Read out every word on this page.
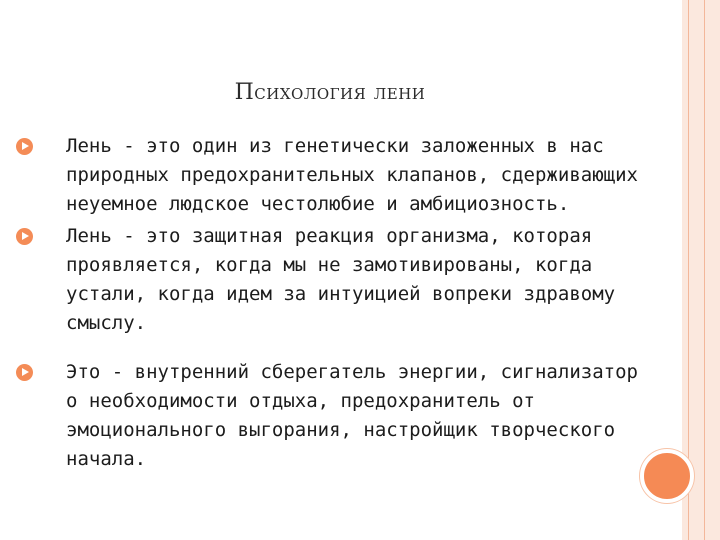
Психология лени
Лень - это один из генетически заложенных в нас природных предохранительных клапанов, сдерживающих неуемное людское честолюбие и амбициозность.
Лень - это защитная реакция организма, которая проявляется, когда мы не замотивированы, когда устали, когда идем за интуицией вопреки здравому смыслу.
Это - внутренний сберегатель энергии, сигнализатор о необходимости отдыха, предохранитель от эмоционального выгорания, настройщик творческого начала.
